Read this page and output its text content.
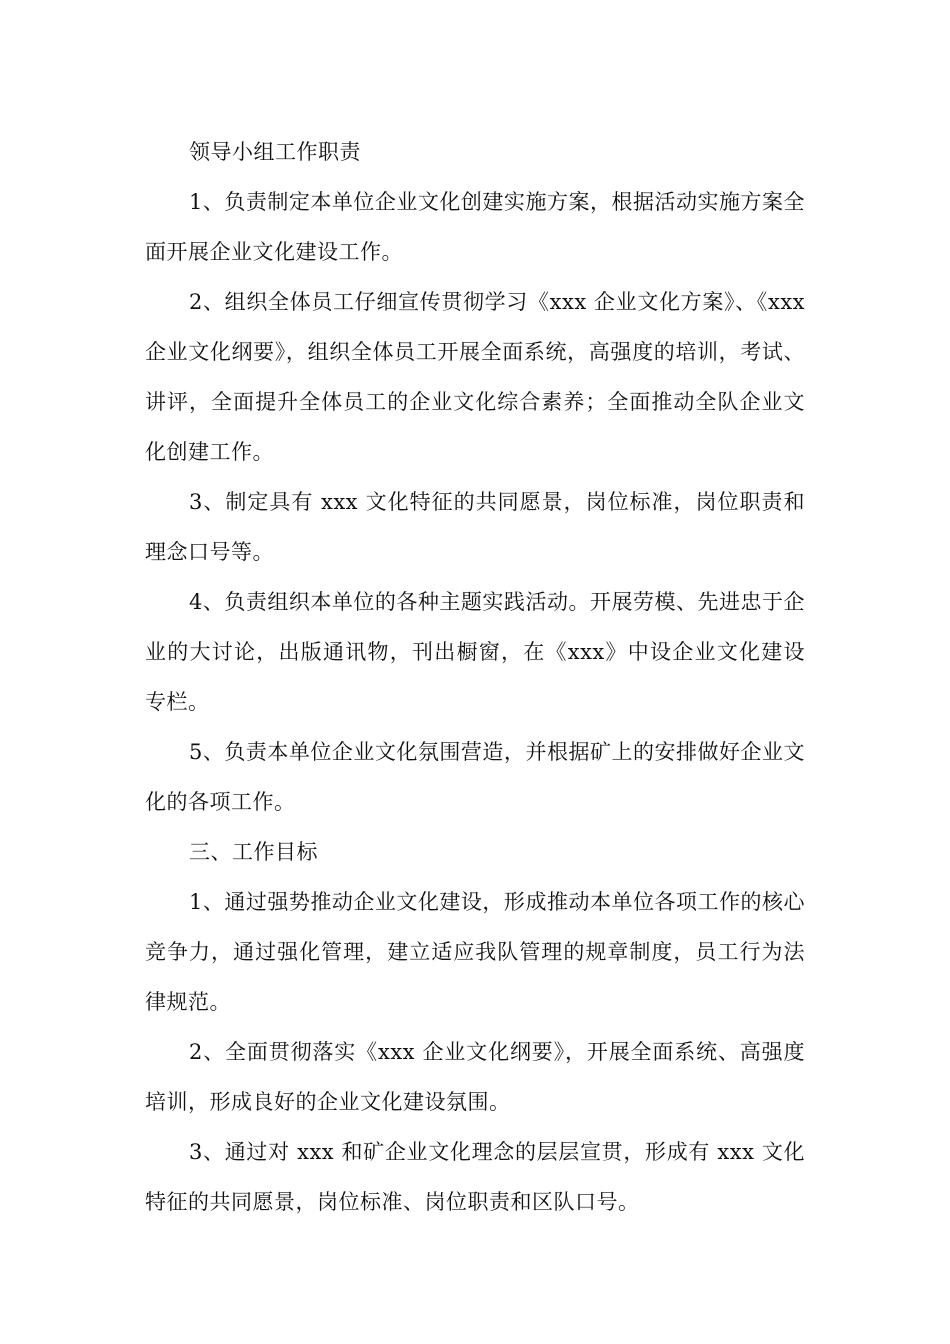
领导小组工作职责

1、负责制定本单位企业文化创建实施方案，根据活动实施方案全面开展企业文化建设工作。

2、组织全体员工仔细宣传贯彻学习《xxx 企业文化方案》、《xxx 企业文化纲要》，组织全体员工开展全面系统，高强度的培训，考试、讲评，全面提升全体员工的企业文化综合素养；全面推动全队企业文化创建工作。

3、制定具有 xxx 文化特征的共同愿景，岗位标准，岗位职责和理念口号等。

4、负责组织本单位的各种主题实践活动。开展劳模、先进忠于企业的大讨论，出版通讯物，刊出橱窗，在《xxx》中设企业文化建设专栏。

5、负责本单位企业文化氛围营造，并根据矿上的安排做好企业文化的各项工作。

三、工作目标

1、通过强势推动企业文化建设，形成推动本单位各项工作的核心竞争力，通过强化管理，建立适应我队管理的规章制度，员工行为法律规范。

2、全面贯彻落实《xxx 企业文化纲要》，开展全面系统、高强度培训，形成良好的企业文化建设氛围。

3、通过对 xxx 和矿企业文化理念的层层宣贯，形成有 xxx 文化特征的共同愿景，岗位标准、岗位职责和区队口号。
